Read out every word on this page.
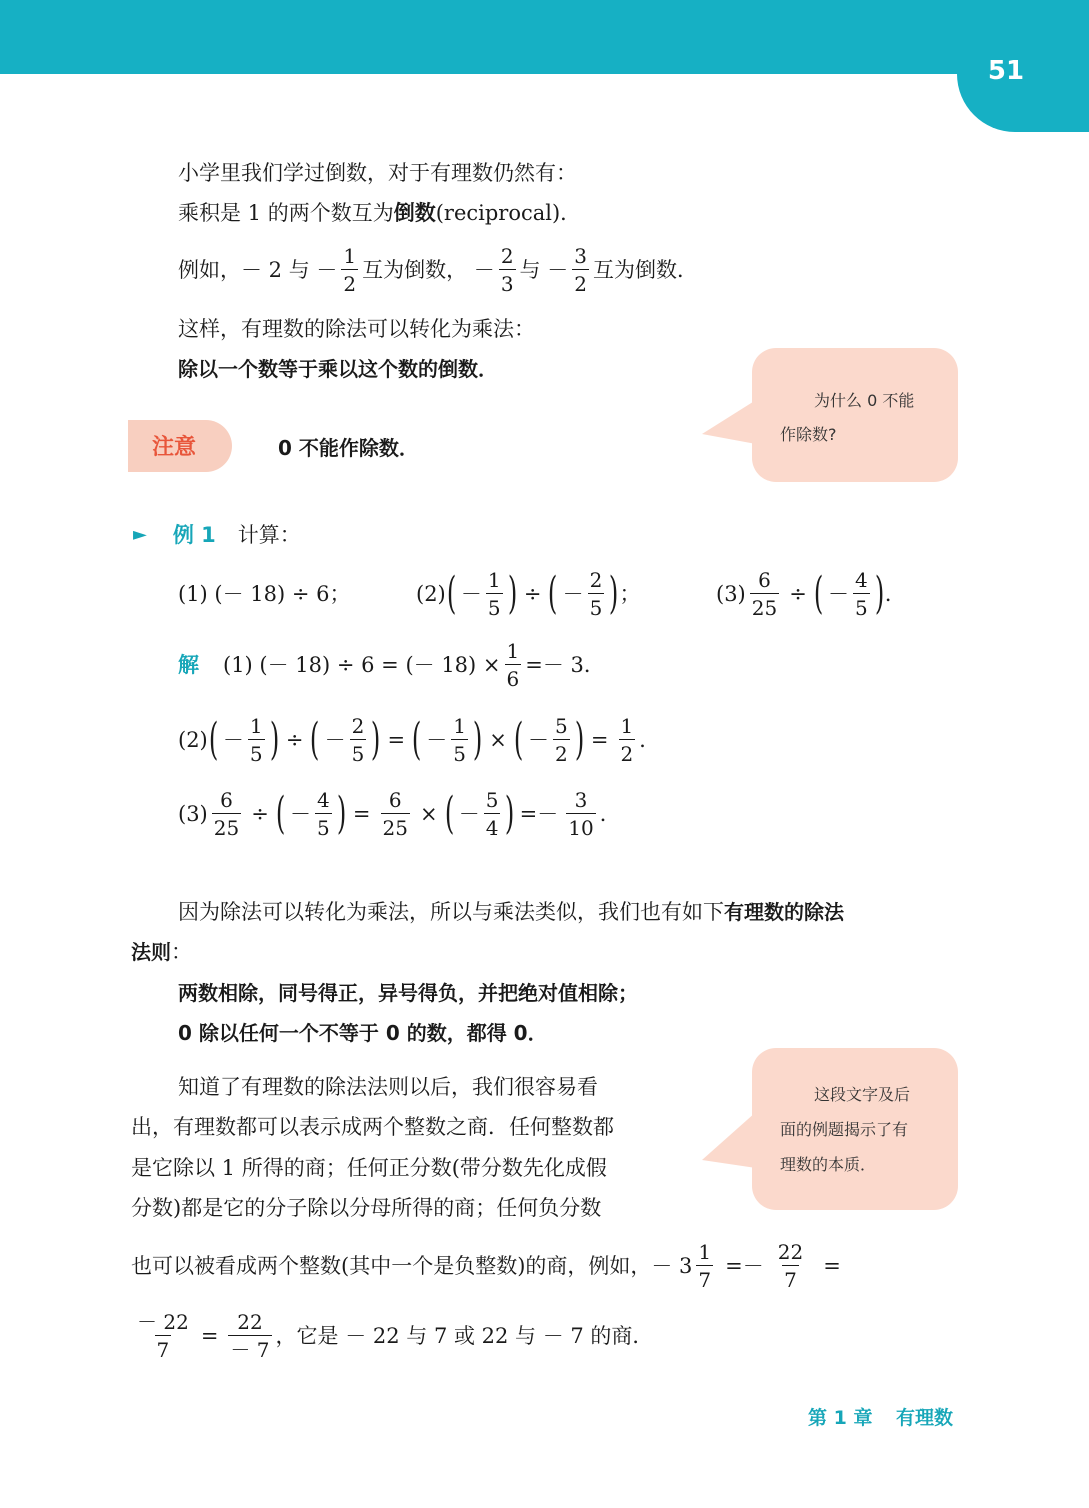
51
小学里我们学过倒数，对于有理数仍然有：
乘积是 1 的两个数互为 倒数 (reciprocal)．
例如，－ 2 与 － $\frac{1}{2}$ 互为倒数， － $\frac{2}{3}$ 与 － $\frac{3}{2}$ 互为倒数．
这样，有理数的除法可以转化为乘法：
除以一个数等于乘以这个数的倒数．
为什么 0 不能
作除数?
注意	0 不能作除数．
► 例 1 计算：
(1) (－ 18) ÷ 6；	(2) ( － $\frac{1}{5}$ ) ÷ ( － $\frac{2}{5}$ ) ；	$(3) \frac{6}{25}$ ÷ ( － $\frac{4}{5}$ ) ．
解 (1) (－ 18) ÷ 6 = (－ $18) \times \frac{1}{6} =- 3$．
(2) ( － $\frac{1}{5}$ ) ÷ ( － $\frac{2}{5}$ ) = ( － $\frac{1}{5}$ ) × ( － $\frac{5}{2}$ ) = $\frac{1}{2}$ ．
$(3) \frac{6}{25}$ ÷ ( － $\frac{4}{5}$ ) = $\frac{6}{25}$ × ( － $\frac{5}{4}$ ) =－ $\frac{3}{10}$ ．
因为除法可以转化为乘法，所以与乘法类似，我们也有如下 有理数的除法
法则 ：
两数相除，同号得正，异号得负，并把绝对值相除；
0 除以任何一个不等于 0 的数，都得 0．
知道了有理数的除法法则以后，我们很容易看
出，有理数都可以表示成两个整数之商．任何整数都
是它除以 1 所得的商；任何正分数(带分数先化成假
分数)都是它的分子除以分母所得的商；任何负分数
也可以被看成两个整数(其中一个是负整数)的商，例如，－ $3 \frac{1}{7} =- \frac{22}{7}$ =
$\frac{- 22}{7} = \frac{22}{- 7}$ ，它是 － 22 与 7 或 22 与 － 7 的商．
这段文字及后
面的例题揭示了有
理数的本质．
第 1 章 有理数
